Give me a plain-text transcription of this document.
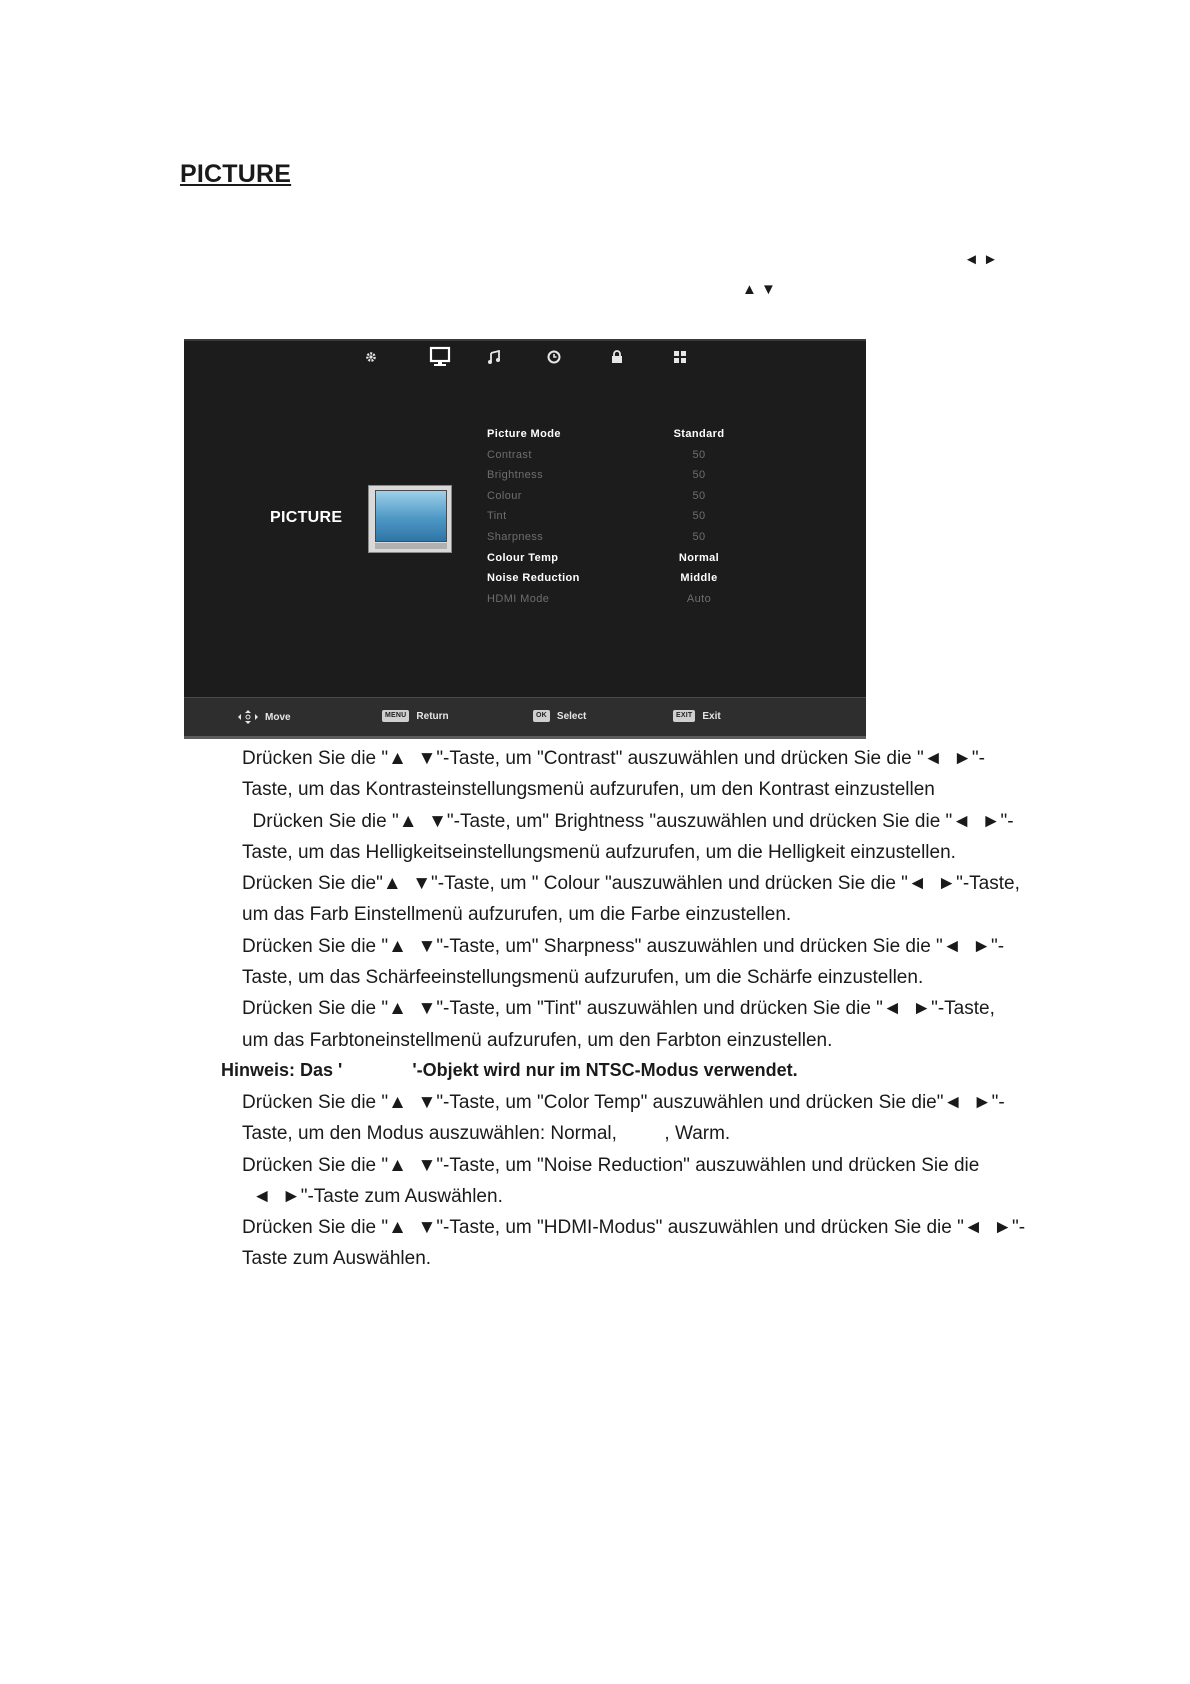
PICTURE
◄ ►
▲ ▼
PICTURE
Picture Mode	Standard
Contrast	50
Brightness	50
Colour	50
Tint	50
Sharpness	50
Colour Temp	Normal
Noise Reduction	Middle
HDMI Mode	Auto
Move	MENU	Return	OK	Select	EXIT	Exit
Drücken Sie die "▲  ▼"-Taste, um "Contrast" auszuwählen und drücken Sie die "◄  ►"-
Taste, um das Kontrasteinstellungsmenü aufzurufen, um den Kontrast einzustellen
Drücken Sie die "▲  ▼"-Taste, um" Brightness "auszuwählen und drücken Sie die "◄  ►"-
Taste, um das Helligkeitseinstellungsmenü aufzurufen, um die Helligkeit einzustellen.
Drücken Sie die"▲  ▼"-Taste, um " Colour "auszuwählen und drücken Sie die "◄  ►"-Taste,
um das Farb Einstellmenü aufzurufen, um die Farbe einzustellen.
Drücken Sie die "▲  ▼"-Taste, um" Sharpness" auszuwählen und drücken Sie die "◄  ►"-
Taste, um das Schärfeeinstellungsmenü aufzurufen, um die Schärfe einzustellen.
Drücken Sie die "▲  ▼"-Taste, um "Tint" auszuwählen und drücken Sie die "◄  ►"-Taste,
um das Farbtoneinstellmenü aufzurufen, um den Farbton einzustellen.
Hinweis: Das '              '-Objekt wird nur im NTSC-Modus verwendet.
Drücken Sie die "▲  ▼"-Taste, um "Color Temp" auszuwählen und drücken Sie die"◄  ►"-
Taste, um den Modus auszuwählen: Normal,         , Warm.
Drücken Sie die "▲  ▼"-Taste, um "Noise Reduction" auszuwählen und drücken Sie die
◄  ►"-Taste zum Auswählen.
Drücken Sie die "▲  ▼"-Taste, um "HDMI-Modus" auszuwählen und drücken Sie die "◄  ►"-
Taste zum Auswählen.
